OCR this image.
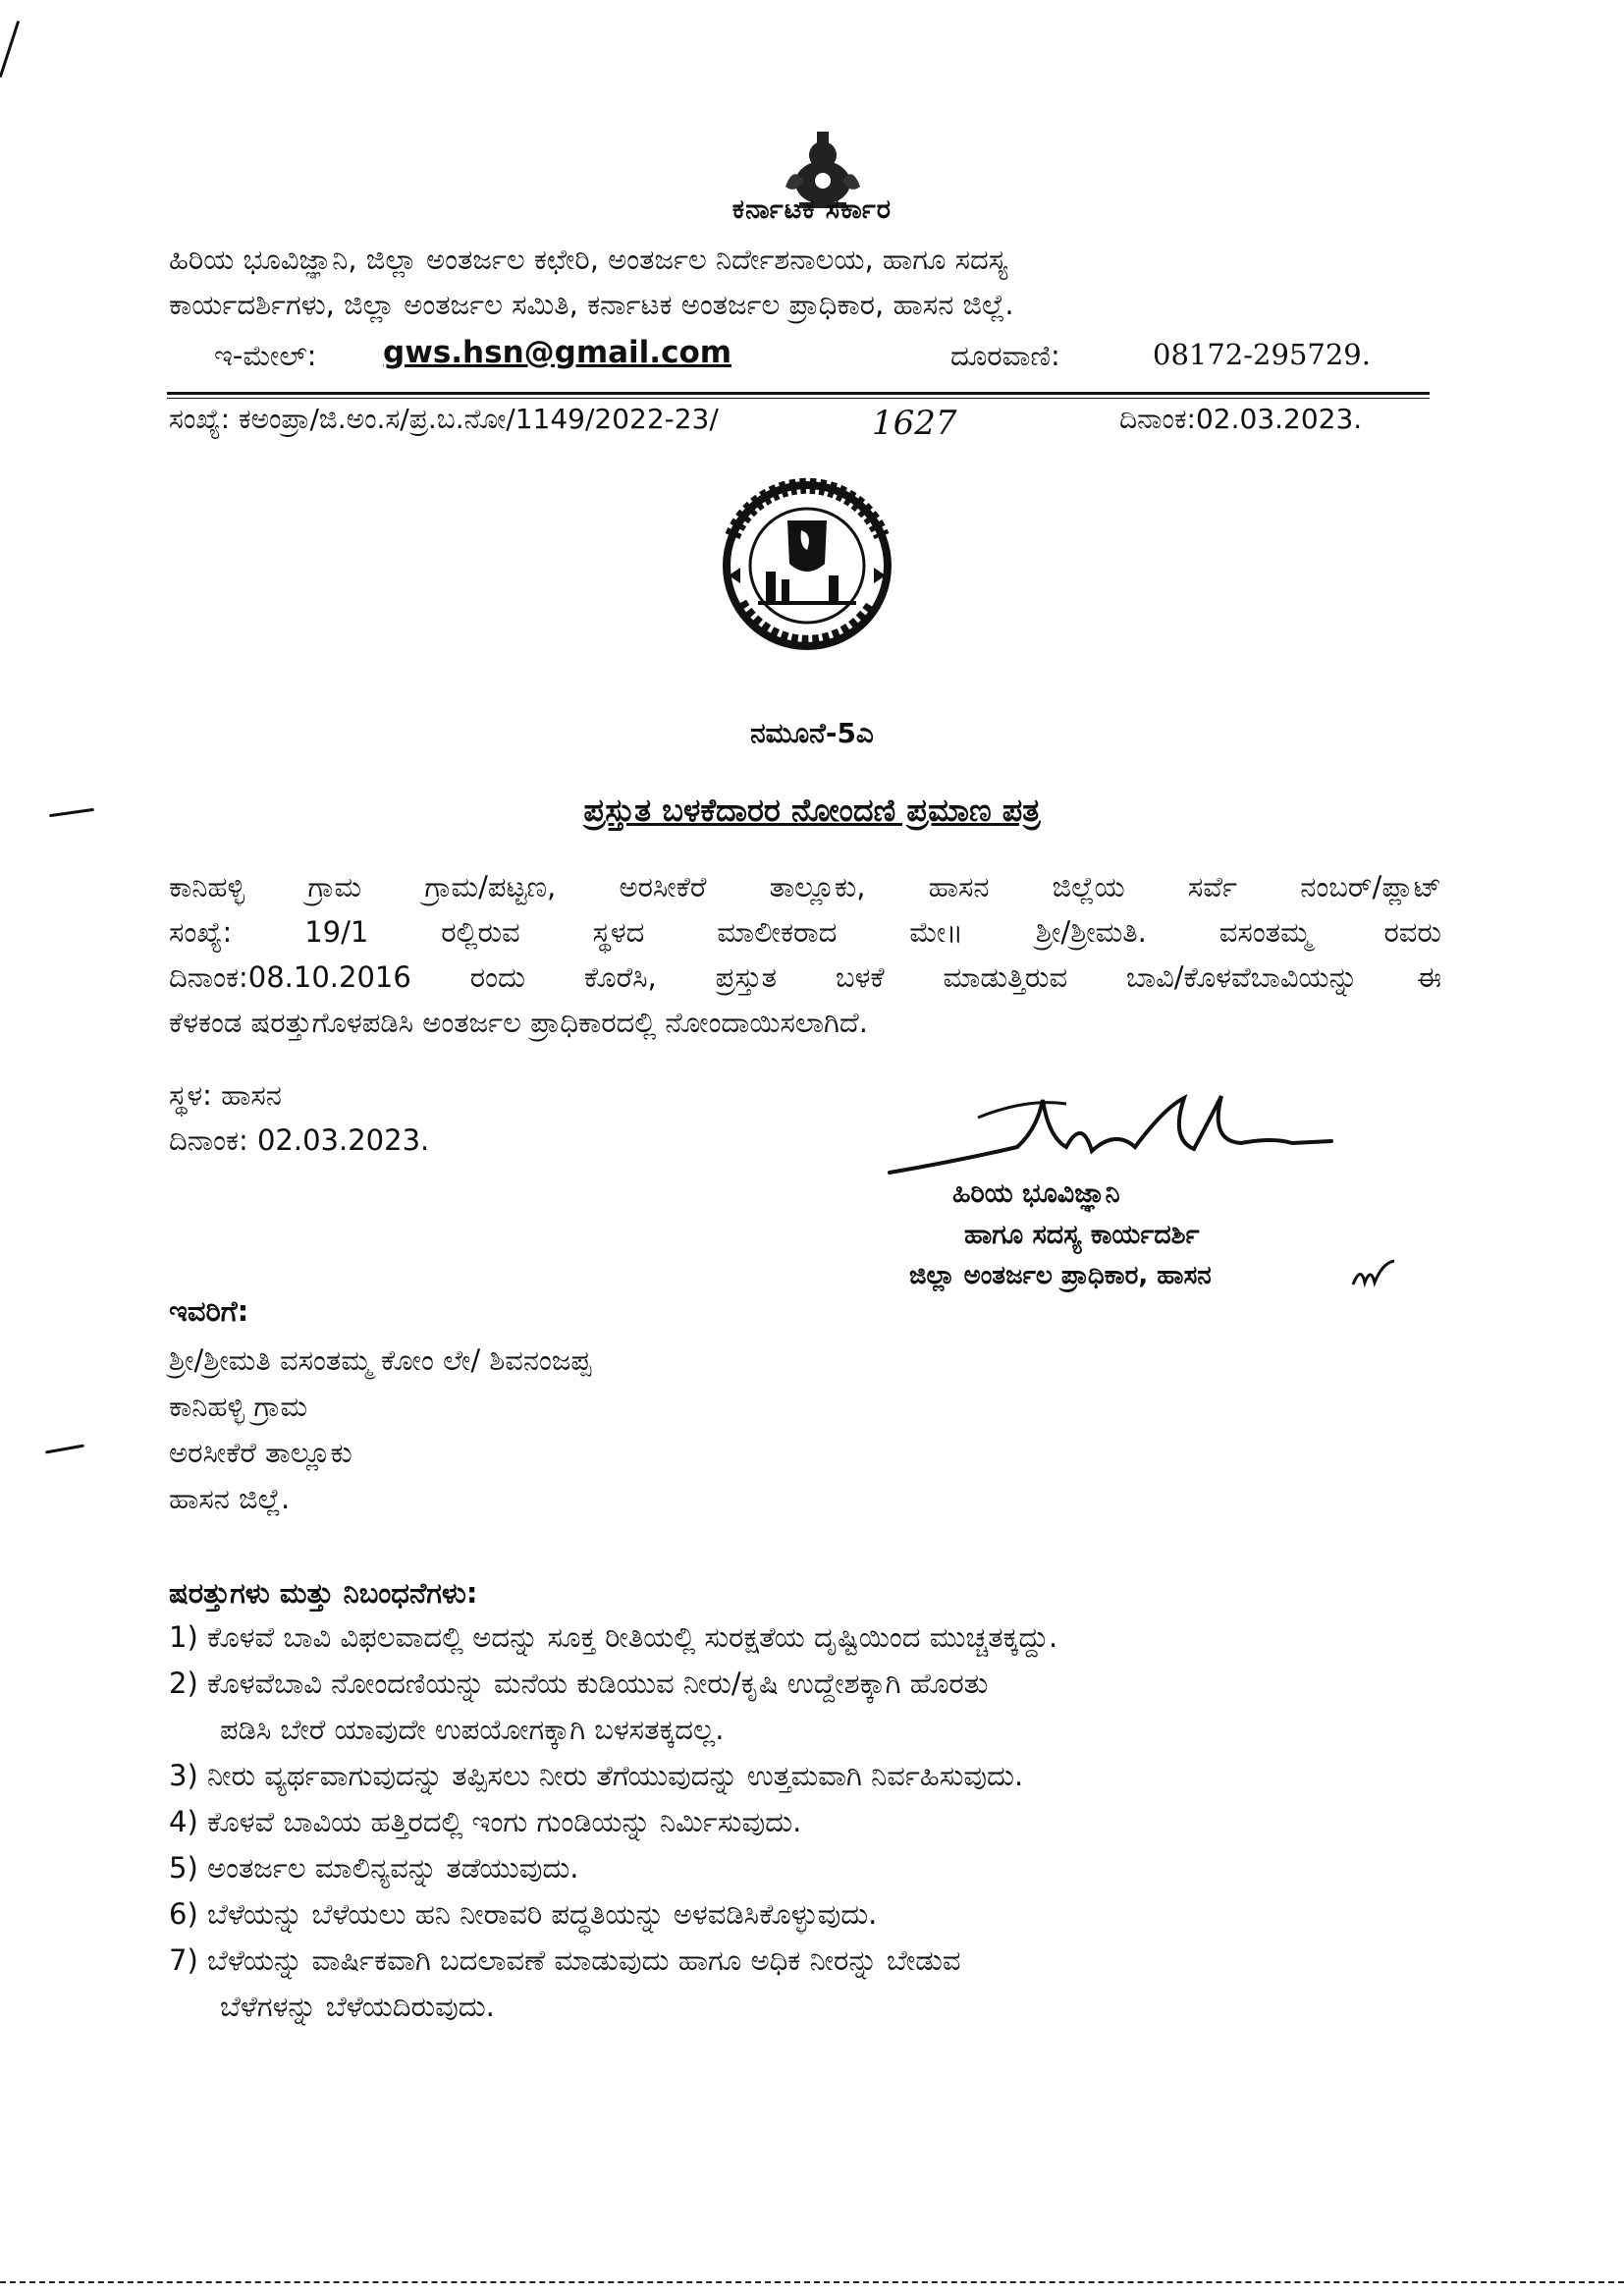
ಕರ್ನಾಟಕ ಸರ್ಕಾರ
ಹಿರಿಯ ಭೂವಿಜ್ಞಾನಿ, ಜಿಲ್ಲಾ ಅಂತರ್ಜಲ ಕಛೇರಿ, ಅಂತರ್ಜಲ ನಿರ್ದೇಶನಾಲಯ, ಹಾಗೂ ಸದಸ್ಯ
ಕಾರ್ಯದರ್ಶಿಗಳು, ಜಿಲ್ಲಾ ಅಂತರ್ಜಲ ಸಮಿತಿ, ಕರ್ನಾಟಕ ಅಂತರ್ಜಲ ಪ್ರಾಧಿಕಾರ, ಹಾಸನ ಜಿಲ್ಲೆ.
ಇ-ಮೇಲ್: gws.hsn@gmail.com	ದೂರವಾಣಿ:	08172-295729.
ಸಂಖ್ಯೆ: ಕಅಂಪ್ರಾ/ಜಿ.ಅಂ.ಸ/ಪ್ರ.ಬ.ನೋ/1149/2022-23/	1627	ದಿನಾಂಕ:02.03.2023.
ನಮೂನೆ-5ಎ
ಪ್ರಸ್ತುತ ಬಳಕೆದಾರರ ನೋಂದಣಿ ಪ್ರಮಾಣ ಪತ್ರ
ಕಾನಿಹಳ್ಳಿ ಗ್ರಾಮ ಗ್ರಾಮ/ಪಟ್ಟಣ, ಅರಸೀಕೆರೆ ತಾಲ್ಲೂಕು, ಹಾಸನ ಜಿಲ್ಲೆಯ ಸರ್ವೆ ನಂಬರ್/ಪ್ಲಾಟ್
ಸಂಖ್ಯೆ: 19/1 ರಲ್ಲಿರುವ ಸ್ಥಳದ ಮಾಲೀಕರಾದ ಮೇ॥ ಶ್ರೀ/ಶ್ರೀಮತಿ. ವಸಂತಮ್ಮ ರವರು
ದಿನಾಂಕ:08.10.2016 ರಂದು ಕೊರೆಸಿ, ಪ್ರಸ್ತುತ ಬಳಕೆ ಮಾಡುತ್ತಿರುವ ಬಾವಿ/ಕೊಳವೆಬಾವಿಯನ್ನು ಈ
ಕೆಳಕಂಡ ಷರತ್ತುಗೊಳಪಡಿಸಿ ಅಂತರ್ಜಲ ಪ್ರಾಧಿಕಾರದಲ್ಲಿ ನೋಂದಾಯಿಸಲಾಗಿದೆ.
ಸ್ಥಳ: ಹಾಸನ
ದಿನಾಂಕ: 02.03.2023.
ಹಿರಿಯ ಭೂವಿಜ್ಞಾನಿ
ಹಾಗೂ ಸದಸ್ಯ ಕಾರ್ಯದರ್ಶಿ
ಜಿಲ್ಲಾ ಅಂತರ್ಜಲ ಪ್ರಾಧಿಕಾರ, ಹಾಸನ
ಇವರಿಗೆ:
ಶ್ರೀ/ಶ್ರೀಮತಿ ವಸಂತಮ್ಮ ಕೋಂ ಲೇ/ ಶಿವನಂಜಪ್ಪ
ಕಾನಿಹಳ್ಳಿ ಗ್ರಾಮ
ಅರಸೀಕೆರೆ ತಾಲ್ಲೂಕು
ಹಾಸನ ಜಿಲ್ಲೆ.
ಷರತ್ತುಗಳು ಮತ್ತು ನಿಬಂಧನೆಗಳು:
1) ಕೊಳವೆ ಬಾವಿ ವಿಫಲವಾದಲ್ಲಿ ಅದನ್ನು ಸೂಕ್ತ ರೀತಿಯಲ್ಲಿ ಸುರಕ್ಷತೆಯ ದೃಷ್ಟಿಯಿಂದ ಮುಚ್ಚತಕ್ಕದ್ದು.
2) ಕೊಳವೆಬಾವಿ ನೋಂದಣಿಯನ್ನು ಮನೆಯ ಕುಡಿಯುವ ನೀರು/ಕೃಷಿ ಉದ್ದೇಶಕ್ಕಾಗಿ ಹೊರತು
ಪಡಿಸಿ ಬೇರೆ ಯಾವುದೇ ಉಪಯೋಗಕ್ಕಾಗಿ ಬಳಸತಕ್ಕದಲ್ಲ.
3) ನೀರು ವ್ಯರ್ಥವಾಗುವುದನ್ನು ತಪ್ಪಿಸಲು ನೀರು ತೆಗೆಯುವುದನ್ನು ಉತ್ತಮವಾಗಿ ನಿರ್ವಹಿಸುವುದು.
4) ಕೊಳವೆ ಬಾವಿಯ ಹತ್ತಿರದಲ್ಲಿ ಇಂಗು ಗುಂಡಿಯನ್ನು ನಿರ್ಮಿಸುವುದು.
5) ಅಂತರ್ಜಲ ಮಾಲಿನ್ಯವನ್ನು ತಡೆಯುವುದು.
6) ಬೆಳೆಯನ್ನು ಬೆಳೆಯಲು ಹನಿ ನೀರಾವರಿ ಪದ್ಧತಿಯನ್ನು ಅಳವಡಿಸಿಕೊಳ್ಳುವುದು.
7) ಬೆಳೆಯನ್ನು ವಾರ್ಷಿಕವಾಗಿ ಬದಲಾವಣೆ ಮಾಡುವುದು ಹಾಗೂ ಅಧಿಕ ನೀರನ್ನು ಬೇಡುವ
ಬೆಳೆಗಳನ್ನು ಬೆಳೆಯದಿರುವುದು.
